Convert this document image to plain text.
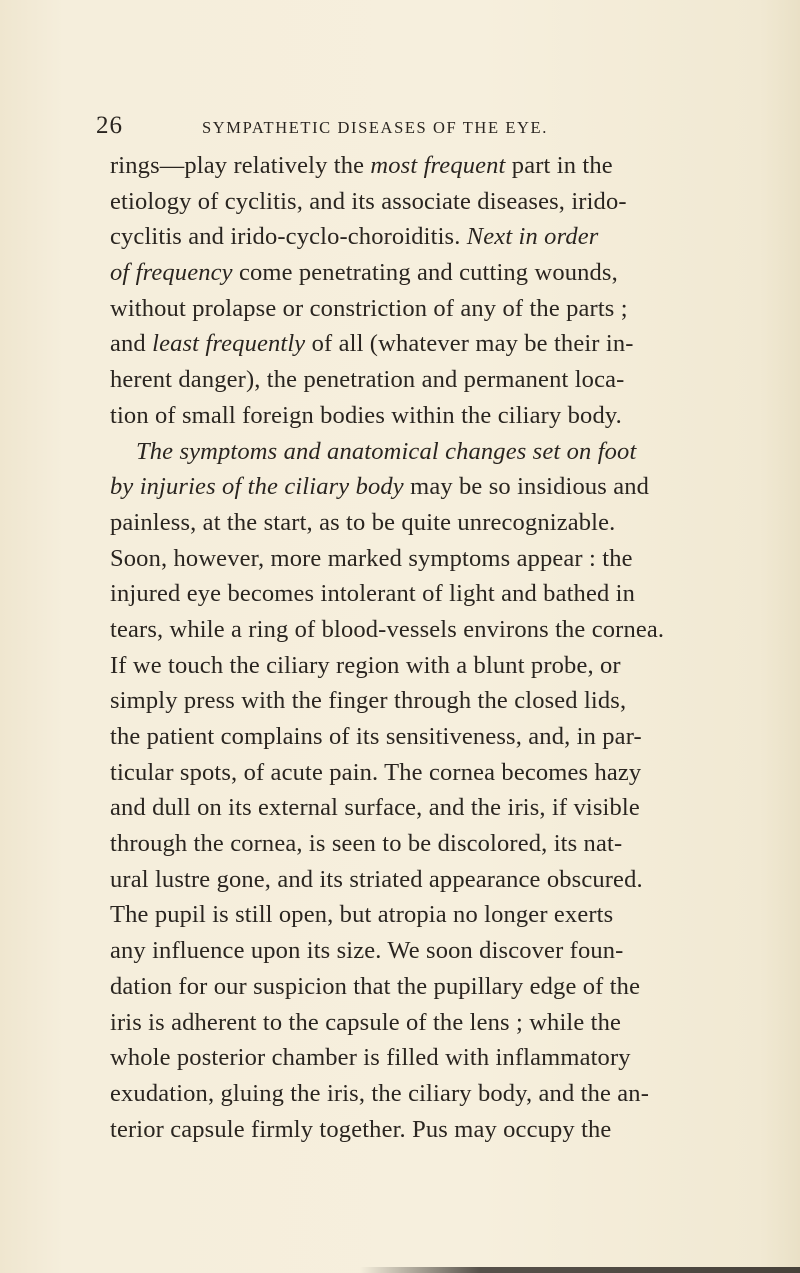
26	SYMPATHETIC DISEASES OF THE EYE.
rings—play relatively the most frequent part in the
etiology of cyclitis, and its associate diseases, irido-
cyclitis and irido-cyclo-choroiditis. Next in order
of frequency come penetrating and cutting wounds,
without prolapse or constriction of any of the parts ;
and least frequently of all (whatever may be their in-
herent danger), the penetration and permanent loca-
tion of small foreign bodies within the ciliary body.
The symptoms and anatomical changes set on foot
by injuries of the ciliary body may be so insidious and
painless, at the start, as to be quite unrecognizable.
Soon, however, more marked symptoms appear : the
injured eye becomes intolerant of light and bathed in
tears, while a ring of blood-vessels environs the cornea.
If we touch the ciliary region with a blunt probe, or
simply press with the finger through the closed lids,
the patient complains of its sensitiveness, and, in par-
ticular spots, of acute pain. The cornea becomes hazy
and dull on its external surface, and the iris, if visible
through the cornea, is seen to be discolored, its nat-
ural lustre gone, and its striated appearance obscured.
The pupil is still open, but atropia no longer exerts
any influence upon its size. We soon discover foun-
dation for our suspicion that the pupillary edge of the
iris is adherent to the capsule of the lens ; while the
whole posterior chamber is filled with inflammatory
exudation, gluing the iris, the ciliary body, and the an-
terior capsule firmly together. Pus may occupy the
